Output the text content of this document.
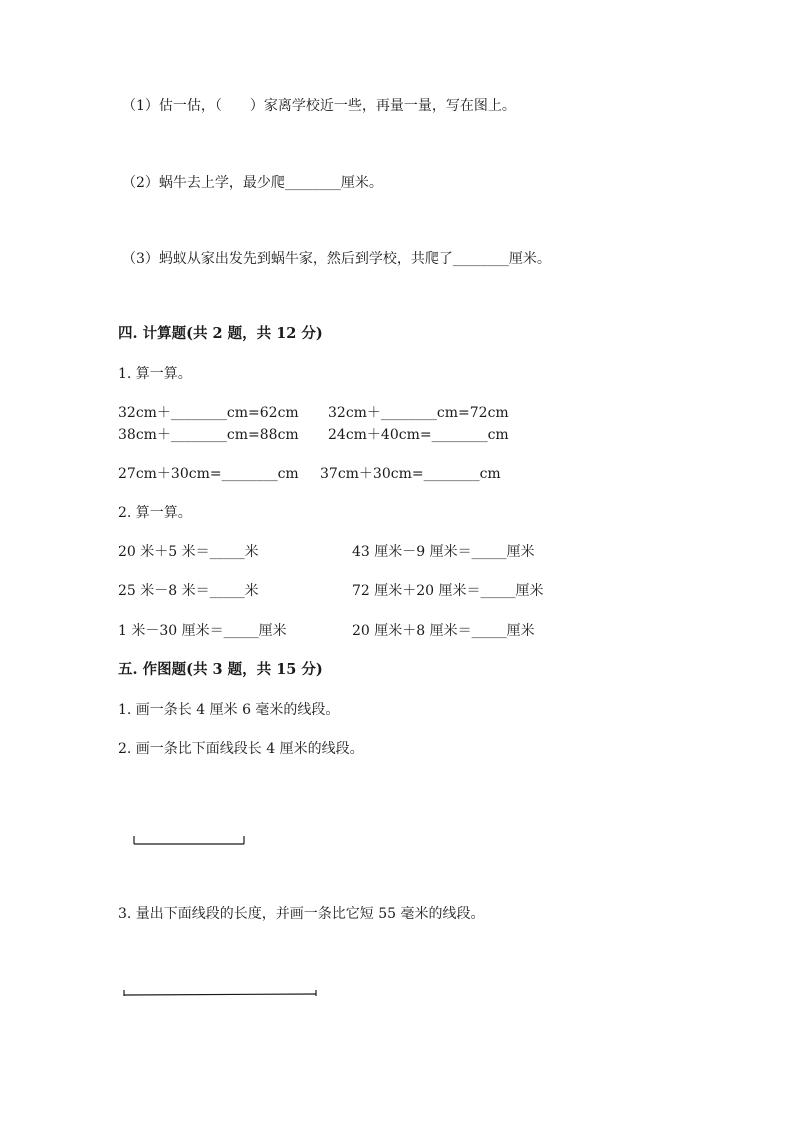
（1）估一估，（　　）家离学校近一些，再量一量，写在图上。
（2）蜗牛去上学，最少爬________厘米。
（3）蚂蚁从家出发先到蜗牛家，然后到学校，共爬了________厘米。
四. 计算题(共 2 题，共 12 分)
1. 算一算。
32cm＋________cm=62cm 32cm＋________cm=72cm
38cm＋________cm=88cm 24cm＋40cm=________cm
27cm＋30cm=________cm 37cm＋30cm=________cm
2. 算一算。
20 米＋5 米＝_____米	43 厘米－9 厘米＝_____厘米
25 米－8 米＝_____米	72 厘米＋20 厘米＝_____厘米
1 米－30 厘米＝_____厘米	20 厘米＋8 厘米＝_____厘米
五. 作图题(共 3 题，共 15 分)
1. 画一条长 4 厘米 6 毫米的线段。
2. 画一条比下面线段长 4 厘米的线段。
3. 量出下面线段的长度，并画一条比它短 55 毫米的线段。
